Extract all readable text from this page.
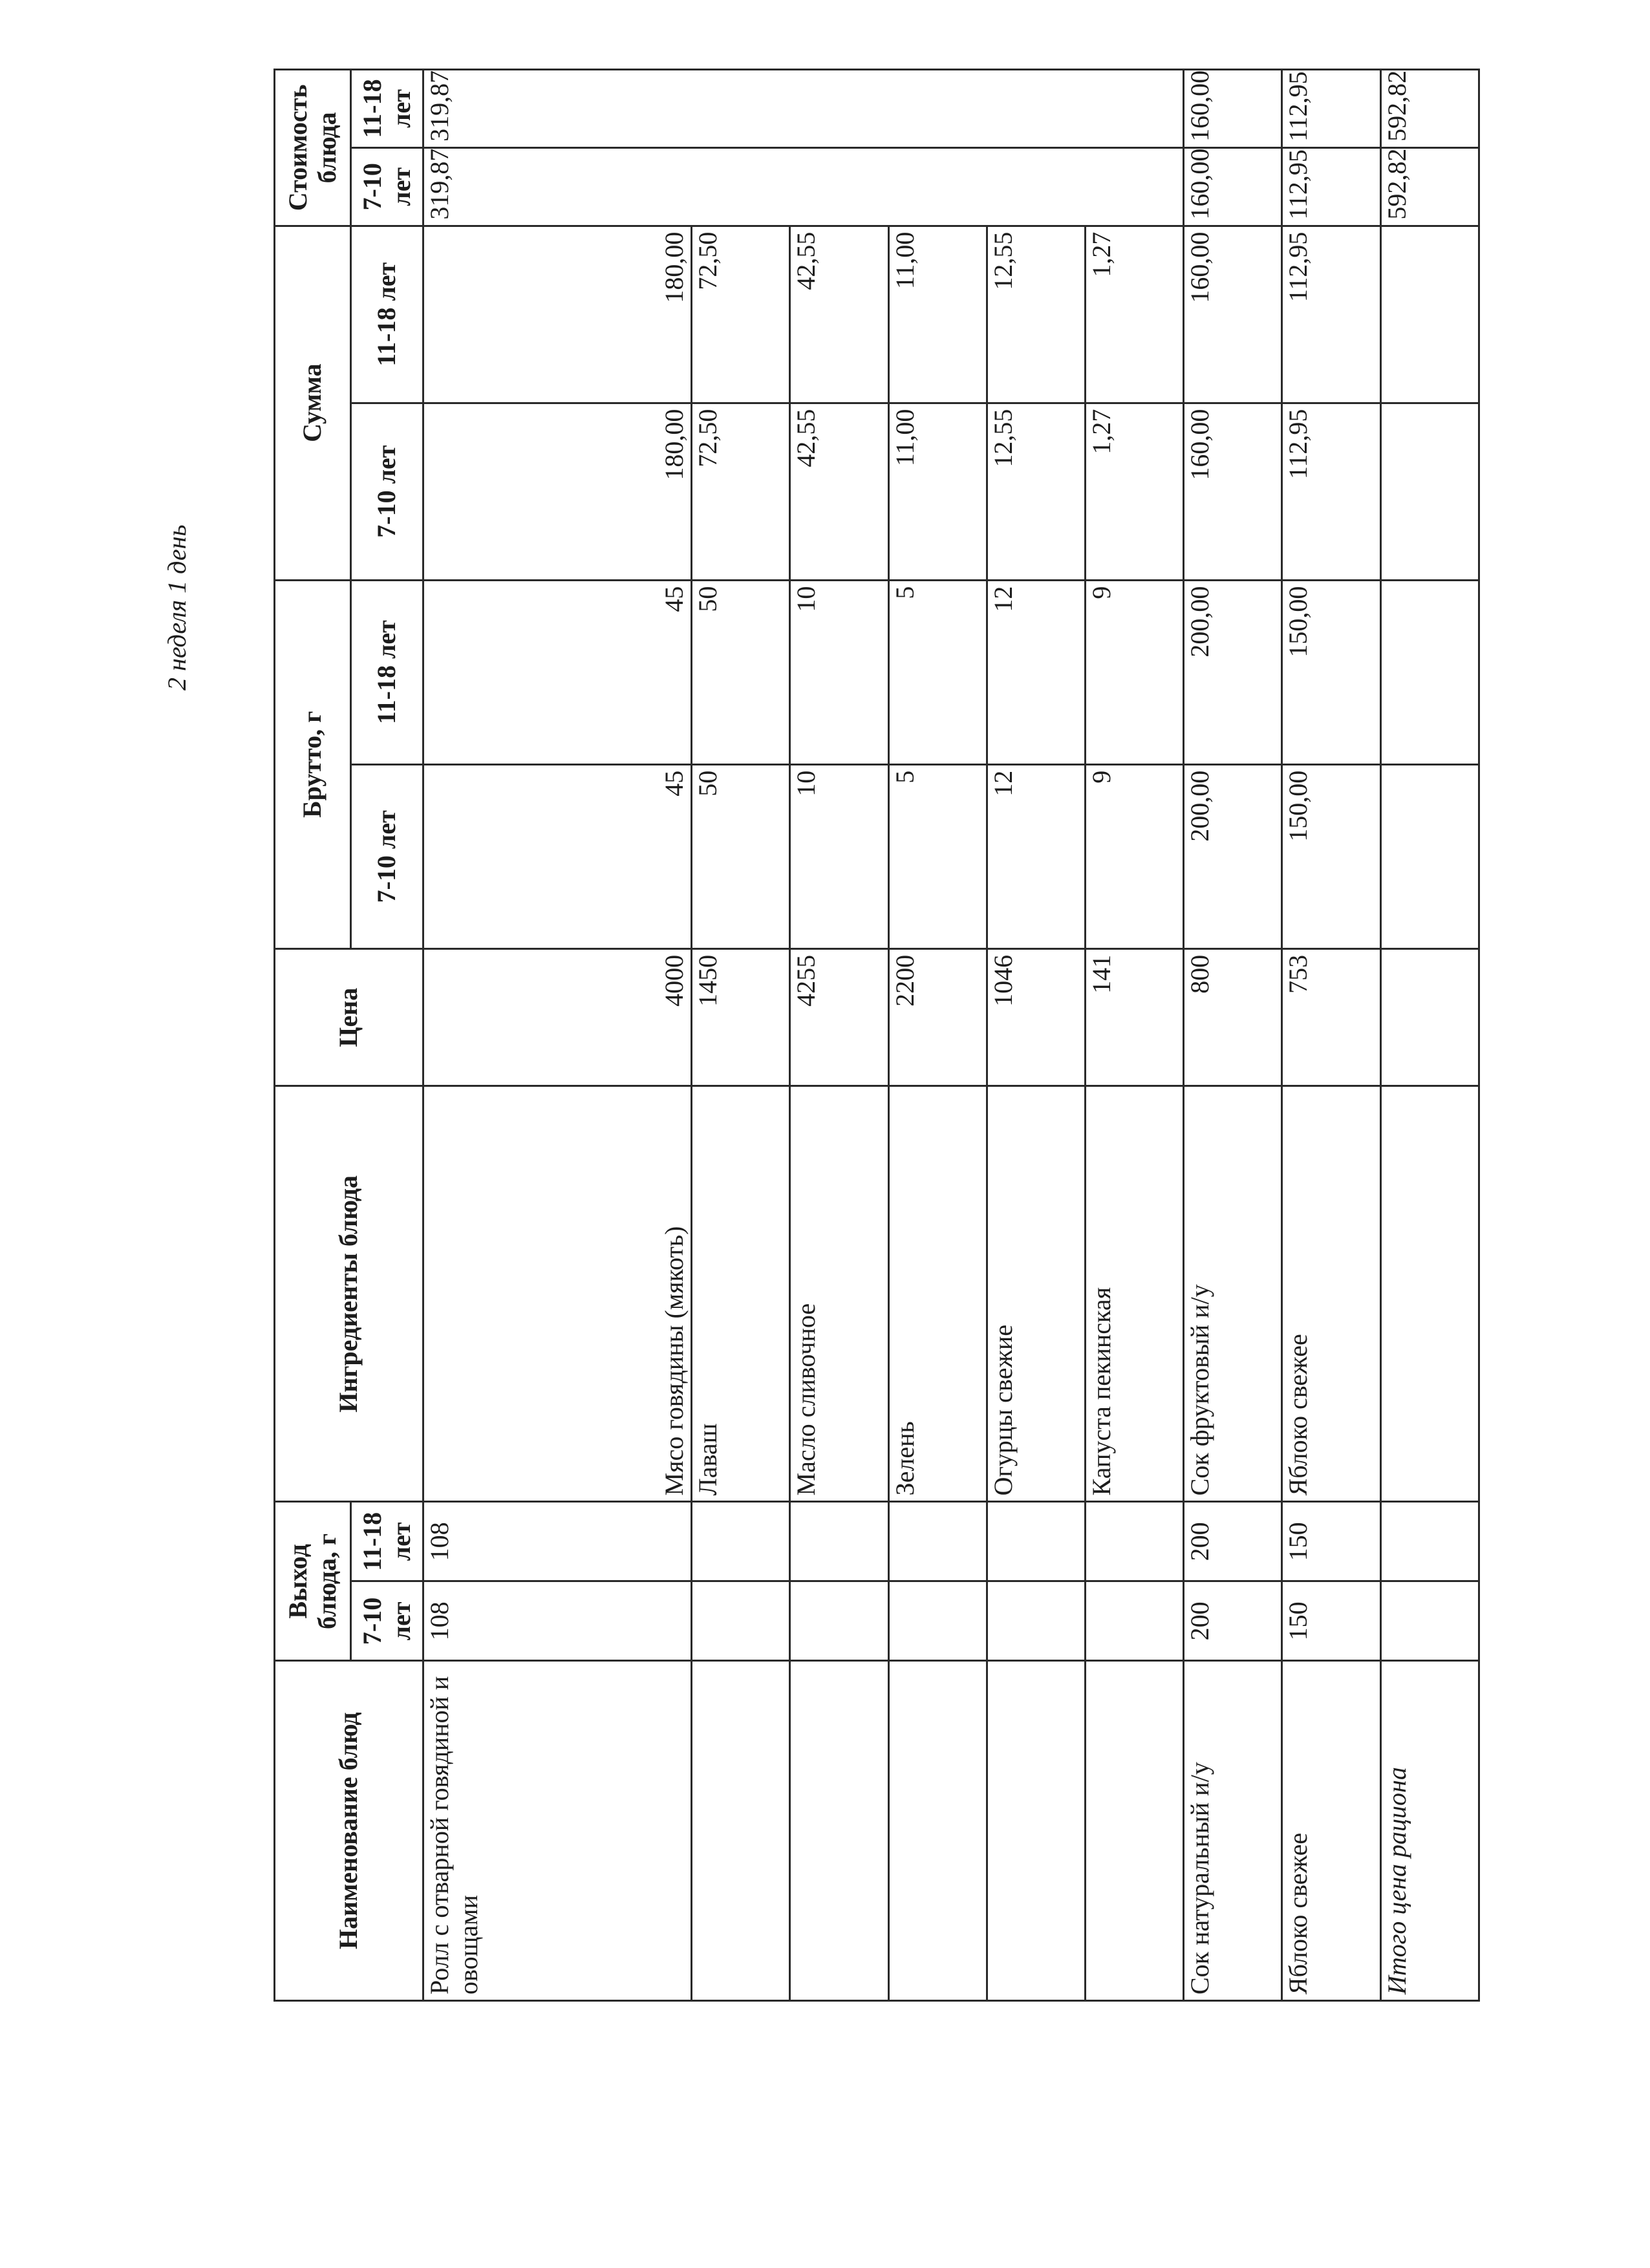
2 неделя 1 день
Наименование блюд	Выход блюда, г		Ингредиенты блюда	Цена	Брутто, г		Сумма		Стоимость блюда	
	7-10 лет	11-18 лет			7-10 лет	11-18 лет	7-10 лет	11-18 лет	7-10 лет	11-18 лет
Ролл с отварной говядиной и овощами	108	108	Мясо говядины (мякоть)	4000	45	45	180,00	180,00	319,87	319,87
			Лаваш	1450	50	50	72,50	72,50		
			Масло сливочное	4255	10	10	42,55	42,55		
			Зелень	2200	5	5	11,00	11,00		
			Огурцы свежие	1046	12	12	12,55	12,55		
			Капуста пекинская	141	9	9	1,27	1,27		
Сок натуральный и/у	200	200	Сок фруктовый и/у	800	200,00	200,00	160,00	160,00	160,00	160,00
Яблоко свежее	150	150	Яблоко свежее	753	150,00	150,00	112,95	112,95	112,95	112,95
Итого цена рациона									592,82	592,82
